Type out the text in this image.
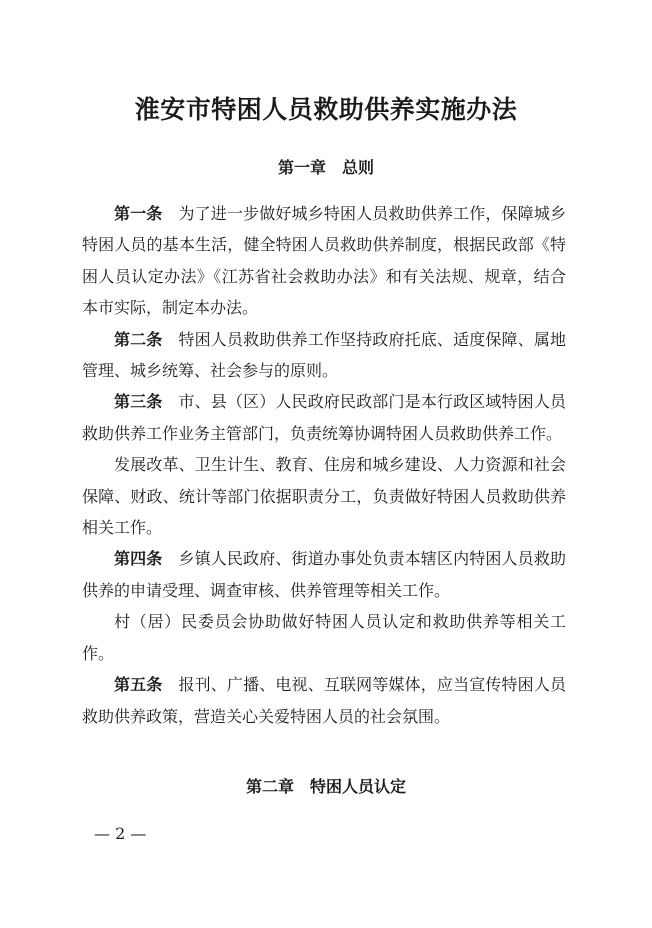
淮安市特困人员救助供养实施办法
第一章　总则

第一条 为了进一步做好城乡特困人员救助供养工作，保障城乡特困人员的基本生活，健全特困人员救助供养制度，根据民政部《特困人员认定办法》《江苏省社会救助办法》和有关法规、规章，结合本市实际，制定本办法。

第二条 特困人员救助供养工作坚持政府托底、适度保障、属地管理、城乡统筹、社会参与的原则。

第三条 市、县（区）人民政府民政部门是本行政区域特困人员救助供养工作业务主管部门，负责统筹协调特困人员救助供养工作。

发展改革、卫生计生、教育、住房和城乡建设、人力资源和社会保障、财政、统计等部门依据职责分工，负责做好特困人员救助供养相关工作。

第四条 乡镇人民政府、街道办事处负责本辖区内特困人员救助供养的申请受理、调查审核、供养管理等相关工作。

村（居）民委员会协助做好特困人员认定和救助供养等相关工作。

第五条 报刊、广播、电视、互联网等媒体，应当宣传特困人员救助供养政策，营造关心关爱特困人员的社会氛围。

第二章　特困人员认定
— 2 —
